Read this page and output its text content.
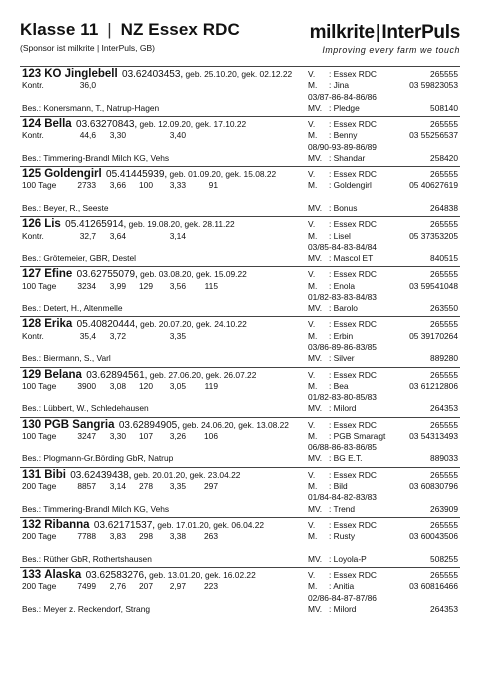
Klasse 11 | NZ Essex RDC
(Sponsor ist milkrite | InterPuls, GB)
milkrite|InterPuls
Improving every farm we touch
123 KO Jinglebell 03.62403453, geb. 25.10.20, gek. 02.12.22
Kontr.	36,0
Bes.: Konersmann, T., Natrup-Hagen
V.	: Essex RDC	265555
M.	: Jina	03 59823053
03/87-86-84-86/86
MV. : Pledge	508140
124 Bella 03.63270843, geb. 12.09.20, gek. 17.10.22
Kontr.	44,6	3,30	3,40
Bes.: Timmering-Brandl Milch KG, Vehs
V.	: Essex RDC	265555
M.	: Benny	03 55256537
08/90-93-89-86/89
MV. : Shandar	258420
125 Goldengirl 05.41445939, geb. 01.09.20, gek. 15.08.22
100 Tage	2733	3,66	100	3,33	91
Bes.: Beyer, R., Seeste
V.	: Essex RDC	265555
M.	: Goldengirl	05 40627619
MV. : Bonus	264838
126 Lis 05.41265914, geb. 19.08.20, gek. 28.11.22
Kontr.	32,7	3,64	3,14
Bes.: Grötemeier, GBR, Destel
V.	: Essex RDC	265555
M.	: Lisel	05 37353205
03/85-84-83-84/84
MV. : Mascol ET	840515
127 Efine 03.62755079, geb. 03.08.20, gek. 15.09.22
100 Tage	3234	3,99	129	3,56	115
Bes.: Detert, H., Altenmelle
V.	: Essex RDC	265555
M.	: Enola	03 59541048
01/82-83-83-84/83
MV. : Barolo	263550
128 Erika 05.40820444, geb. 20.07.20, gek. 24.10.22
Kontr.	35,4	3,72	3,35
Bes.: Biermann, S., Varl
V.	: Essex RDC	265555
M.	: Erbin	05 39170264
03/86-89-86-83/85
MV. : Silver	889280
129 Belana 03.62894561, geb. 27.06.20, gek. 26.07.22
100 Tage	3900	3,08	120	3,05	119
Bes.: Lübbert, W., Schledehausen
V.	: Essex RDC	265555
M.	: Bea	03 61212806
01/82-83-80-85/83
MV. : Milord	264353
130 PGB Sangria 03.62894905, geb. 24.06.20, gek. 13.08.22
100 Tage	3247	3,30	107	3,26	106
Bes.: Plogmann-Gr.Börding GbR, Natrup
V.	: Essex RDC	265555
M.	: PGB Smaragt	03 54313493
06/88-86-83-86/85
MV. : BG E.T.	889033
131 Bibi 03.62439438, geb. 20.01.20, gek. 23.04.22
200 Tage	8857	3,14	278	3,35	297
Bes.: Timmering-Brandl Milch KG, Vehs
V.	: Essex RDC	265555
M.	: Bild	03 60830796
01/84-84-82-83/83
MV. : Trend	263909
132 Ribanna 03.62171537, geb. 17.01.20, gek. 06.04.22
200 Tage	7788	3,83	298	3,38	263
Bes.: Rüther GbR, Rothertshausen
V.	: Essex RDC	265555
M.	: Rusty	03 60043506
MV. : Loyola-P	508255
133 Alaska 03.62583276, geb. 13.01.20, gek. 16.02.22
200 Tage	7499	2,76	207	2,97	223
Bes.: Meyer z. Reckendorf, Strang
V.	: Essex RDC	265555
M.	: Anitia	03 60816466
02/86-84-87-87/86
MV. : Milord	264353
